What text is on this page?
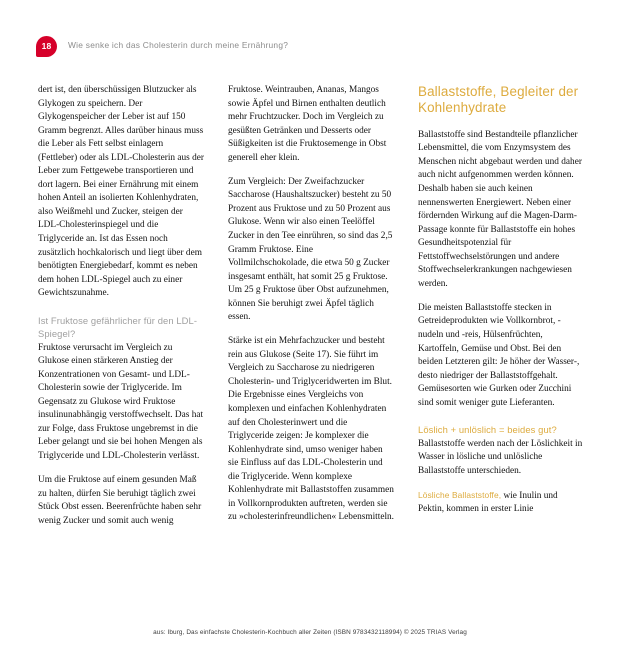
18 Wie senke ich das Cholesterin durch meine Ernährung?

dert ist, den überschüssigen Blutzucker als Glykogen zu speichern. Der Glykogenspeicher der Leber ist auf 150 Gramm begrenzt. Alles darüber hinaus muss die Leber als Fett selbst einlagern (Fettleber) oder als LDL-Cholesterin aus der Leber zum Fettgewebe transportieren und dort lagern. Bei einer Ernährung mit einem hohen Anteil an isolierten Kohlenhydraten, also Weißmehl und Zucker, steigen der LDL-Cholesterinspiegel und die Triglyceride an. Ist das Essen noch zusätzlich hochkalorisch und liegt über dem benötigten Energiebedarf, kommt es neben dem hohen LDL-Spiegel auch zu einer Gewichtszunahme.

Ist Fruktose gefährlicher für den LDL-Spiegel?

Fruktose verursacht im Vergleich zu Glukose einen stärkeren Anstieg der Konzentrationen von Gesamt- und LDL-Cholesterin sowie der Triglyceride. Im Gegensatz zu Glukose wird Fruktose insulinunabhängig verstoffwechselt. Das hat zur Folge, dass Fruktose ungebremst in die Leber gelangt und sie bei hohen Mengen als Triglyceride und LDL-Cholesterin verlässt.

Um die Fruktose auf einem gesunden Maß zu halten, dürfen Sie beruhigt täglich zwei Stück Obst essen. Beerenfrüchte haben sehr wenig Zucker und somit auch wenig

Fruktose. Weintrauben, Ananas, Mangos sowie Äpfel und Birnen enthalten deutlich mehr Fruchtzucker. Doch im Vergleich zu gesüßten Getränken und Desserts oder Süßigkeiten ist die Fruktosemenge in Obst generell eher klein.

Zum Vergleich: Der Zweifachzucker Saccharose (Haushaltszucker) besteht zu 50 Prozent aus Fruktose und zu 50 Prozent aus Glukose. Wenn wir also einen Teelöffel Zucker in den Tee einrühren, so sind das 2,5 Gramm Fruktose. Eine Vollmilchschokolade, die etwa 50 g Zucker insgesamt enthält, hat somit 25 g Fruktose. Um 25 g Fruktose über Obst aufzunehmen, können Sie beruhigt zwei Äpfel täglich essen.

Stärke ist ein Mehrfachzucker und besteht rein aus Glukose (Seite 17). Sie führt im Vergleich zu Saccharose zu niedrigeren Cholesterin- und Triglyceridwerten im Blut. Die Ergebnisse eines Vergleichs von komplexen und einfachen Kohlenhydraten auf den Cholesterinwert und die Triglyceride zeigen: Je komplexer die Kohlenhydrate sind, umso weniger haben sie Einfluss auf das LDL-Cholesterin und die Triglyceride. Wenn komplexe Kohlenhydrate mit Ballaststoffen zusammen in Vollkornprodukten auftreten, werden sie zu »cholesterinfreundlichen« Lebensmitteln.

Ballaststoffe, Begleiter der Kohlenhydrate

Ballaststoffe sind Bestandteile pflanzlicher Lebensmittel, die vom Enzymsystem des Menschen nicht abgebaut werden und daher auch nicht aufgenommen werden können. Deshalb haben sie auch keinen nennenswerten Energiewert. Neben einer fördernden Wirkung auf die Magen-Darm-Passage konnte für Ballaststoffe ein hohes Gesundheitspotenzial für Fettstoffwechselstörungen und andere Stoffwechselerkrankungen nachgewiesen werden.

Die meisten Ballaststoffe stecken in Getreideprodukten wie Vollkornbrot, -nudeln und -reis, Hülsenfrüchten, Kartoffeln, Gemüse und Obst. Bei den beiden Letzteren gilt: Je höher der Wasser-, desto niedriger der Ballaststoffgehalt. Gemüsesorten wie Gurken oder Zucchini sind somit weniger gute Lieferanten.

Löslich + unlöslich = beides gut?

Ballaststoffe werden nach der Löslichkeit in Wasser in lösliche und unlösliche Ballaststoffe unterschieden.

Lösliche Ballaststoffe, wie Inulin und Pektin, kommen in erster Linie

aus: Iburg, Das einfachste Cholesterin-Kochbuch aller Zeiten (ISBN 9783432118994) © 2025 TRIAS Verlag
